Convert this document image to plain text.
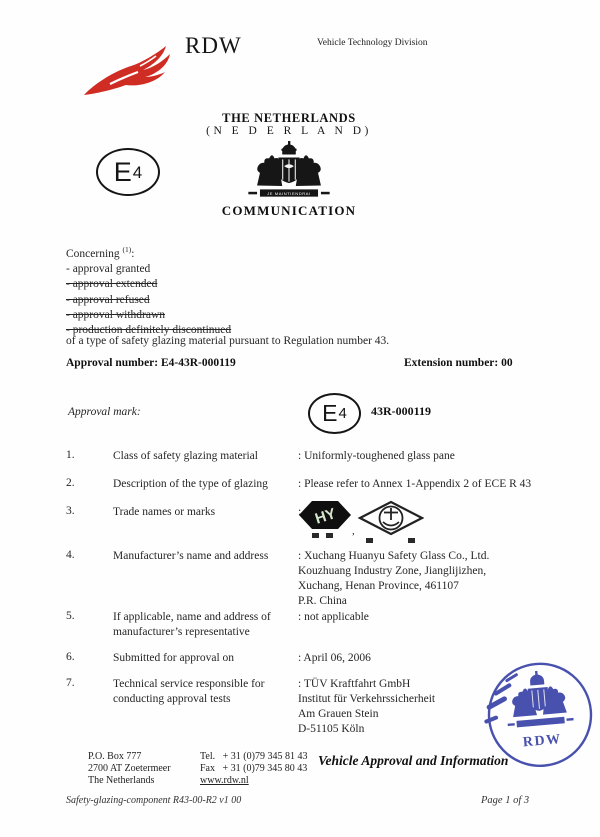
RDW	Vehicle Technology Division
THE NETHERLANDS
(N E D E R L A N D)
JE MAINTIENDRAI
COMMUNICATION
E 4
Concerning $^{(1)}$:
- approval granted
- approval extended
- approval refused
- approval withdrawn
- production definitely discontinued
of a type of safety glazing material pursuant to Regulation number 43.
Approval number: E4-43R-000119	Extension number: 00
Approval mark:	E 4 43R-000119
1.	Class of safety glazing material	: Uniformly-toughened glass pane
2.	Description of the type of glazing	: Please refer to Annex 1-Appendix 2 of ECE R 43
3.	Trade names or marks	: HY
,
4.	Manufacturer’s name and address	: Xuchang Huanyu Safety Glass Co., Ltd.
Kouzhuang Industry Zone, Jianglijizhen,
Xuchang, Henan Province, 461107
P.R. China
5.	If applicable, name and address of
manufacturer’s representative
: not applicable
6.	Submitted for approval on	: April 06, 2006
7.	Technical service responsible for
conducting approval tests
: TÜV Kraftfahrt GmbH
Institut für Verkehrssicherheit
Am Grauen Stein
D-51105 Köln
RDW
P.O. Box 777
2700 AT Zoetermeer
The Netherlands
Tel. + 31 (0)79 345 81 43
Fax + 31 (0)79 345 80 43
www.rdw.nl
Vehicle Approval and Information
Safety-glazing-component R43-00-R2 v1 00	Page 1 of 3
